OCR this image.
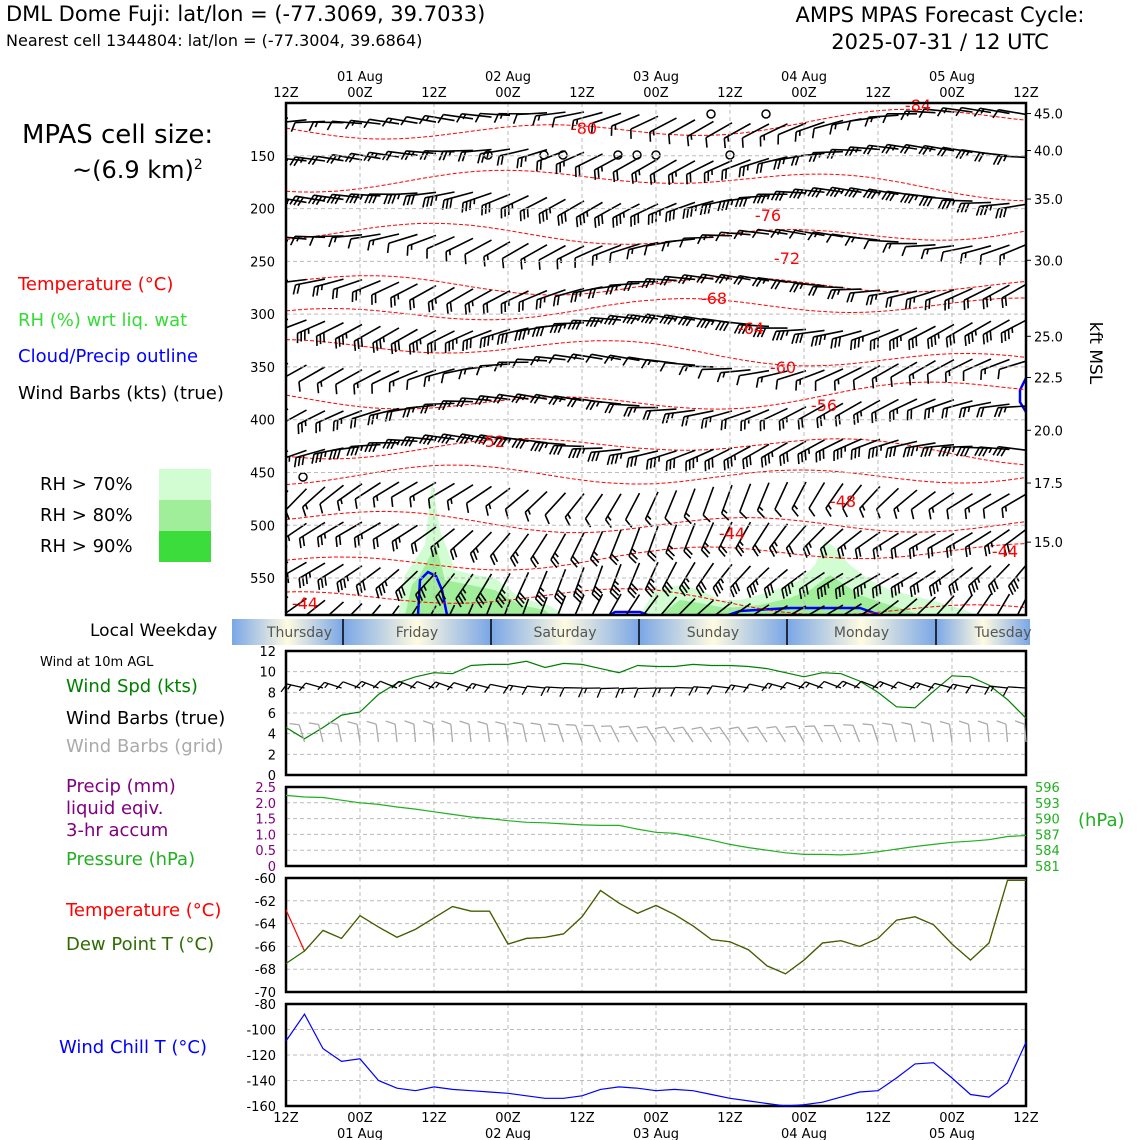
DML Dome Fuji: lat/lon = (-77.3069, 39.7033)
Nearest cell 1344804: lat/lon = (-77.3004, 39.6864)
AMPS MPAS Forecast Cycle:
2025-07-31 / 12 UTC
MPAS cell size:
~(6.9 km)$^2$
Temperature (°C)
RH (%) wrt liq. wat
Cloud/Precip outline
Wind Barbs (kts) (true)
RH > 70%
RH > 80%
RH > 90%
Local Weekday
Wind at 10m AGL
Wind Spd (kts)
Wind Barbs (true)
Wind Barbs (grid)
Precip (mm)
liquid eqiv.
3-hr accum
Pressure (hPa)
(hPa)
Temperature (°C)
Dew Point T (°C)
Wind Chill T (°C)
-84
-80
-76
-72
-68
-64
-60
-56
-52
-48
-44
-44
-44
150
200
250
300
350
400
450
500
550
45.0
40.0
35.0
30.0
25.0
22.5
20.0
17.5
15.0
kft MSL
12Z	00Z	12Z	00Z	12Z	00Z	12Z	00Z	12Z	00Z	12Z
01 Aug	02 Aug	03 Aug	04 Aug	05 Aug
Thursday	Friday	Saturday	Sunday	Monday	Tuesday
0
2
4
6
8
10
12
0
0.5
1.0
1.5
2.0
2.5
581
584
587
590
593
596
-70
-68
-66
-64
-62
-60
-160
-140
-120
-100
-80
12Z	00Z	12Z	00Z	12Z	00Z	12Z	00Z	12Z	00Z	12Z
01 Aug	02 Aug	03 Aug	04 Aug	05 Aug
